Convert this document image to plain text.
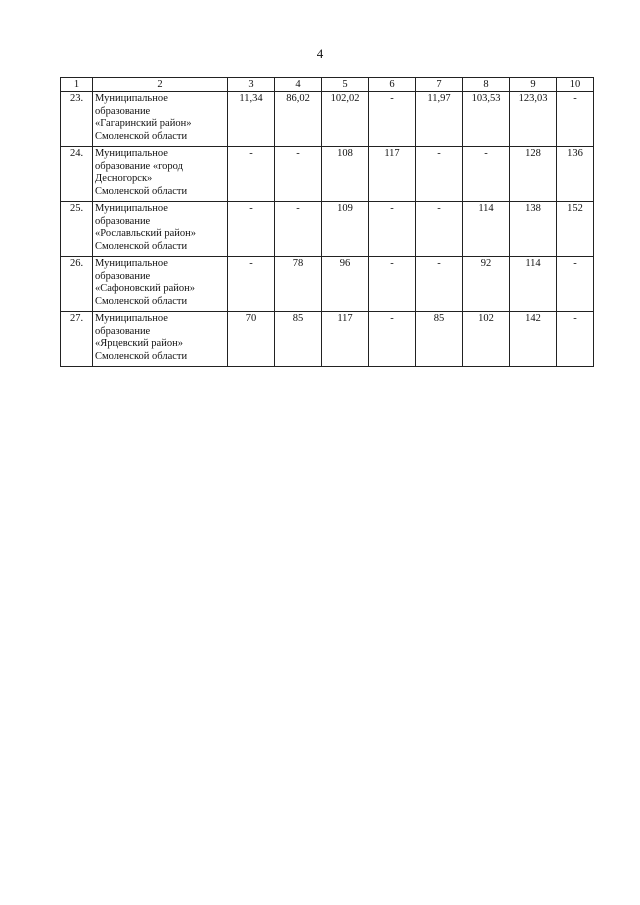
4
1	2	3	4	5	6	7	8	9	10
23.	Муниципальное
образование
«Гагаринский район»
Смоленской области	11,34	86,02	102,02	-	11,97	103,53	123,03	-
24.	Муниципальное
образование «город
Десногорск»
Смоленской области	-	-	108	117	-	-	128	136
25.	Муниципальное
образование
«Рославльский район»
Смоленской области	-	-	109	-	-	114	138	152
26.	Муниципальное
образование
«Сафоновский район»
Смоленской области	-	78	96	-	-	92	114	-
27.	Муниципальное
образование
«Ярцевский район»
Смоленской области	70	85	117	-	85	102	142	-
